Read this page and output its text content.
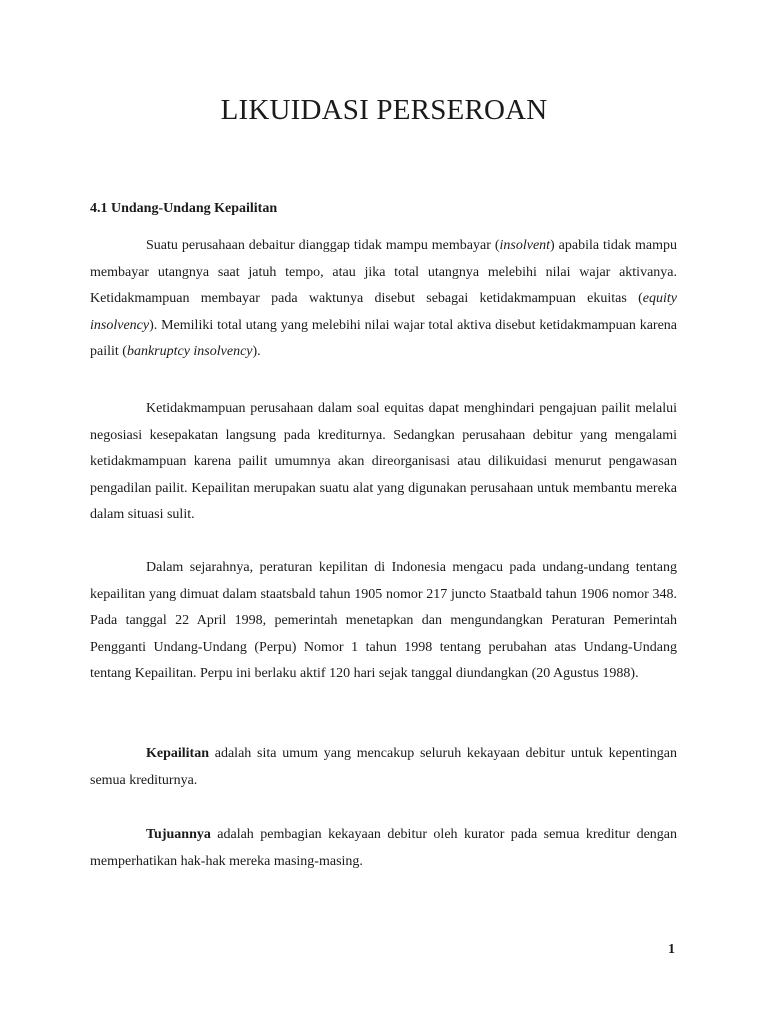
LIKUIDASI PERSEROAN
4.1 Undang-Undang Kepailitan

Suatu perusahaan debaitur dianggap tidak mampu membayar (insolvent) apabila tidak mampu membayar utangnya saat jatuh tempo, atau jika total utangnya melebihi nilai wajar aktivanya. Ketidakmampuan membayar pada waktunya disebut sebagai ketidakmampuan ekuitas (equity insolvency). Memiliki total utang yang melebihi nilai wajar total aktiva disebut ketidakmampuan karena pailit (bankruptcy insolvency).

Ketidakmampuan perusahaan dalam soal equitas dapat menghindari pengajuan pailit melalui negosiasi kesepakatan langsung pada krediturnya. Sedangkan perusahaan debitur yang mengalami ketidakmampuan karena pailit umumnya akan direorganisasi atau dilikuidasi menurut pengawasan pengadilan pailit. Kepailitan merupakan suatu alat yang digunakan perusahaan untuk membantu mereka dalam situasi sulit.

Dalam sejarahnya, peraturan kepilitan di Indonesia mengacu pada undang-undang tentang kepailitan yang dimuat dalam staatsbald tahun 1905 nomor 217 juncto Staatbald tahun 1906 nomor 348. Pada tanggal 22 April 1998, pemerintah menetapkan dan mengundangkan Peraturan Pemerintah Pengganti Undang-Undang (Perpu) Nomor 1 tahun 1998 tentang perubahan atas Undang-Undang tentang Kepailitan. Perpu ini berlaku aktif 120 hari sejak tanggal diundangkan (20 Agustus 1988).

Kepailitan adalah sita umum yang mencakup seluruh kekayaan debitur untuk kepentingan semua krediturnya.

Tujuannya adalah pembagian kekayaan debitur oleh kurator pada semua kreditur dengan memperhatikan hak-hak mereka masing-masing.

1
